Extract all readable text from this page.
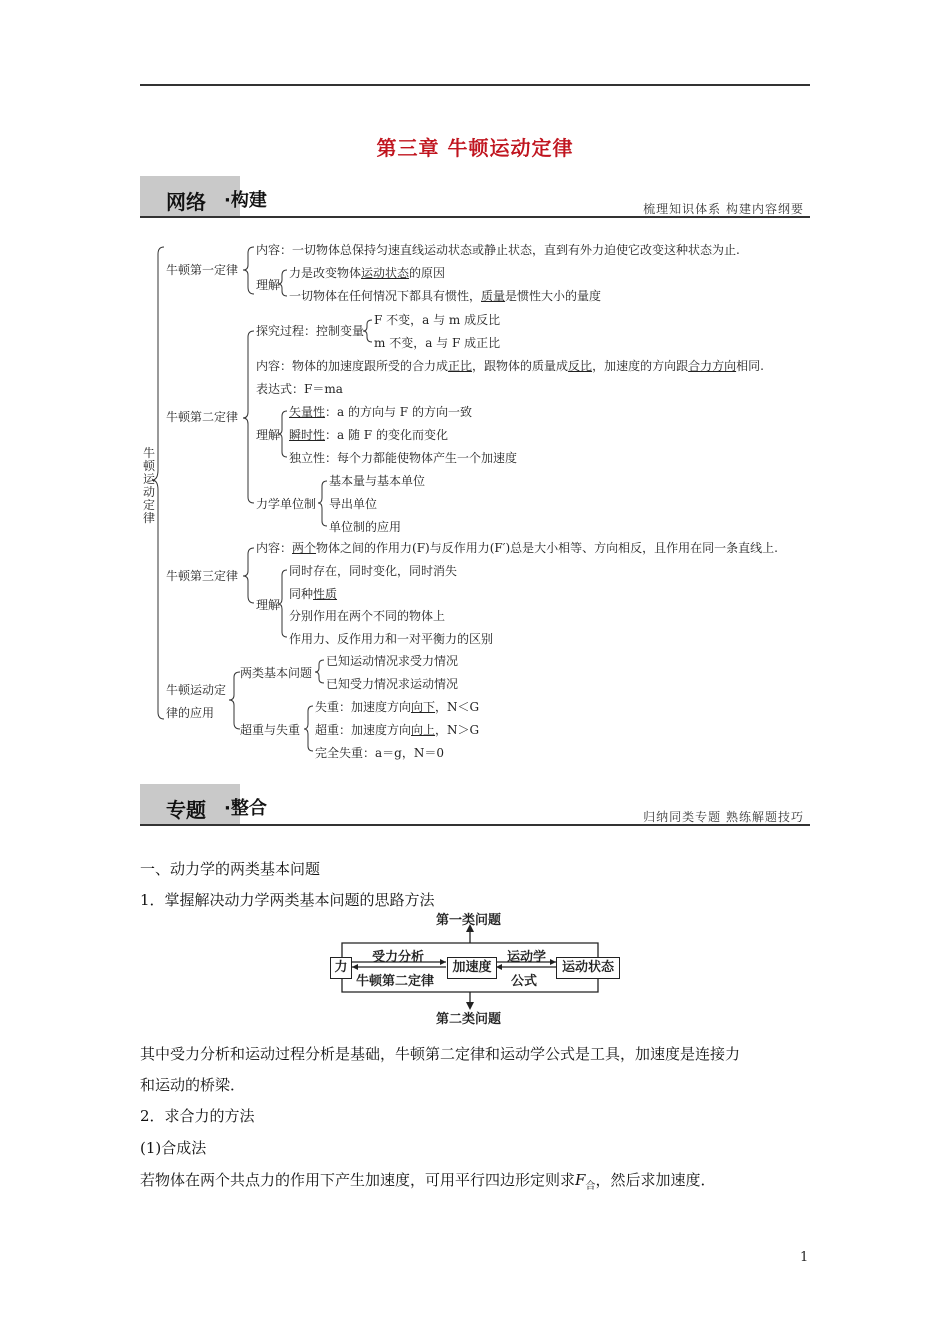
第三章 牛顿运动定律
网络 ·构建	梳理知识体系 构建内容纲要
牛
顿
运
动
定
律
牛顿第一定律
内容：一切物体总保持匀速直线运动状态或静止状态，直到有外力迫使它改变这种状态为止.
理解
力是改变物体运动状态的原因
一切物体在任何情况下都具有惯性，质量是惯性大小的量度
牛顿第二定律
探究过程：控制变量
F 不变，a 与 m 成反比
m 不变，a 与 F 成正比
内容：物体的加速度跟所受的合力成正比，跟物体的质量成反比，加速度的方向跟合力方向相同.
表达式：F＝ma
理解
矢量性：a 的方向与 F 的方向一致
瞬时性：a 随 F 的变化而变化
独立性：每个力都能使物体产生一个加速度
力学单位制
基本量与基本单位
导出单位
单位制的应用
牛顿第三定律
内容：两个物体之间的作用力(F)与反作用力(F′)总是大小相等、方向相反，且作用在同一条直线上.
理解
同时存在，同时变化，同时消失
同种性质
分别作用在两个不同的物体上
作用力、反作用力和一对平衡力的区别
牛顿运动定
律的应用
两类基本问题
已知运动情况求受力情况
已知受力情况求运动情况
超重与失重
失重：加速度方向向下，N＜G
超重：加速度方向向上，N＞G
完全失重：a＝g，N＝0
专题 ·整合	归纳同类专题 熟练解题技巧
一、动力学的两类基本问题
1．掌握解决动力学两类基本问题的思路方法
第一类问题
第二类问题
力	加速度	运动状态
受力分析
牛顿第二定律
运动学
公式
其中受力分析和运动过程分析是基础，牛顿第二定律和运动学公式是工具，加速度是连接力
和运动的桥梁．
2．求合力的方法
(1)合成法
若物体在两个共点力的作用下产生加速度，可用平行四边形定则求$F_合$，然后求加速度．
1
